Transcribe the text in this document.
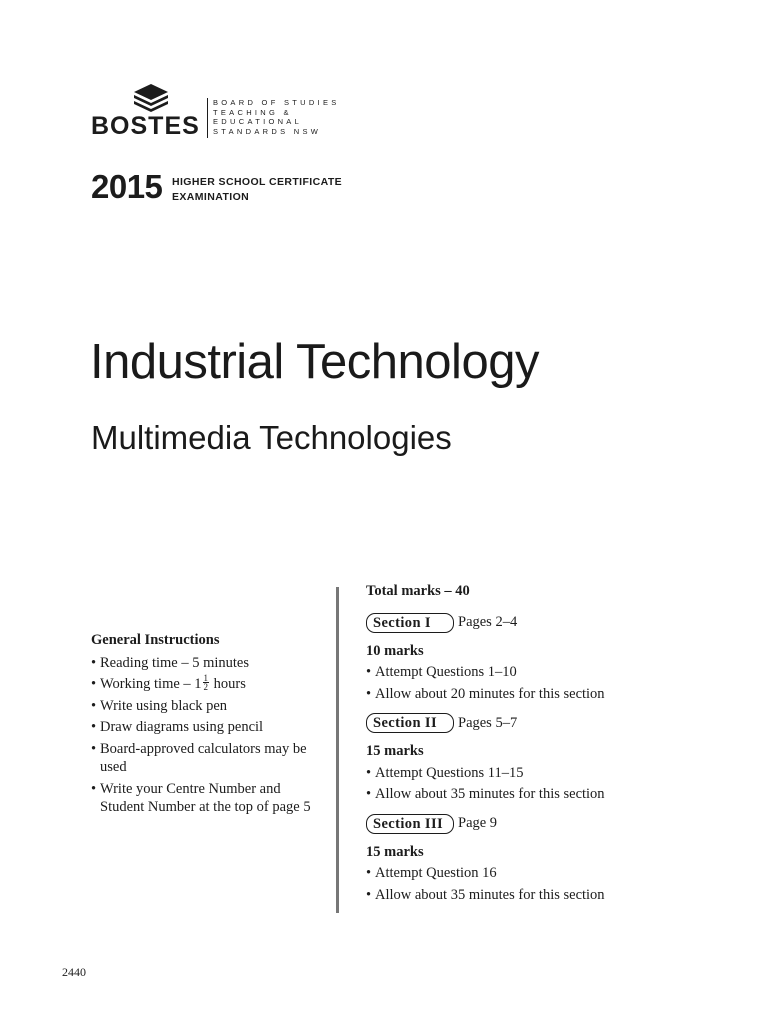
BOSTES
BOARD OF STUDIES
TEACHING &
EDUCATIONAL
STANDARDS NSW
2015 HIGHER SCHOOL CERTIFICATE
EXAMINATION
Industrial Technology
Multimedia Technologies
General Instructions
• Reading time – 5 minutes
• Working time – $1 \frac{1}{2}$ hours
• Write using black pen
• Draw diagrams using pencil
• Board-approved calculators may be used
• Write your Centre Number and Student Number at the top of page 5
Total marks – 40
Section I	Pages 2–4
10 marks
• Attempt Questions 1–10
• Allow about 20 minutes for this section
Section II	Pages 5–7
15 marks
• Attempt Questions 11–15
• Allow about 35 minutes for this section
Section III	Page 9
15 marks
• Attempt Question 16
• Allow about 35 minutes for this section
2440
